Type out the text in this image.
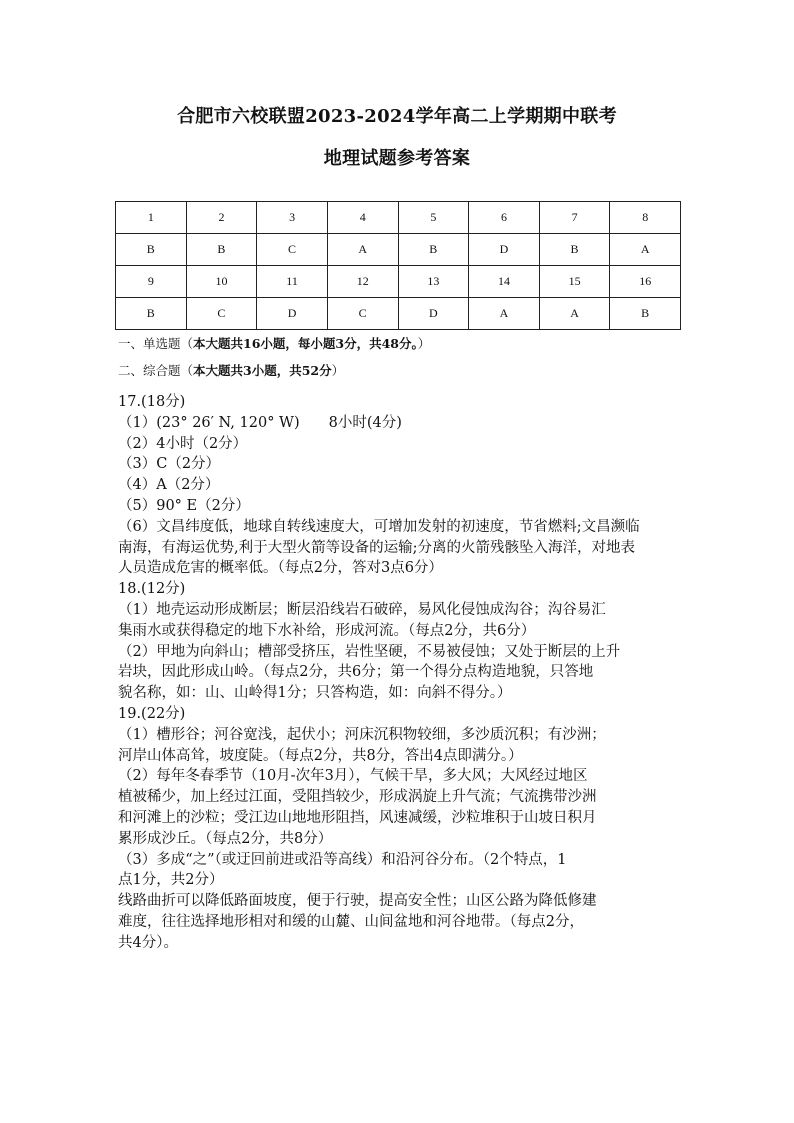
合肥市六校联盟2023-2024学年高二上学期期中联考
地理试题参考答案
1	2	3	4	5	6	7	8
B	B	C	A	B	D	B	A
9	10	11	12	13	14	15	16
B	C	D	C	D	A	A	B
一、单选题（本大题共16小题，每小题3分，共48分。）
二、综合题（本大题共3小题，共52分）
17.(18分)
（1）(23° 26′ N, 120° W)　　8小时(4分)
（2）4小时（2分）
（3）C（2分）
（4）A（2分）
（5）90° E（2分）
（6）文昌纬度低，地球自转线速度大，可增加发射的初速度，节省燃料;文昌濒临
南海，有海运优势,利于大型火箭等设备的运输;分离的火箭残骸坠入海洋，对地表
人员造成危害的概率低。（每点2分，答对3点6分）
18.(12分)
（1）地壳运动形成断层；断层沿线岩石破碎，易风化侵蚀成沟谷；沟谷易汇
集雨水或获得稳定的地下水补给，形成河流。（每点2分，共6分）
（2）甲地为向斜山；槽部受挤压，岩性坚硬，不易被侵蚀；又处于断层的上升
岩块，因此形成山岭。（每点2分，共6分；第一个得分点构造地貌，只答地
貌名称，如：山、山岭得1分；只答构造，如：向斜不得分。）
19.(22分)
（1）槽形谷；河谷宽浅，起伏小；河床沉积物较细，多沙质沉积；有沙洲；
河岸山体高耸，坡度陡。（每点2分，共8分，答出4点即满分。）
（2）每年冬春季节（10月-次年3月），气候干旱，多大风；大风经过地区
植被稀少，加上经过江面，受阻挡较少，形成涡旋上升气流；气流携带沙洲
和河滩上的沙粒；受江边山地地形阻挡，风速减缓，沙粒堆积于山坡日积月
累形成沙丘。（每点2分，共8分）
（3）多成“之”（或迂回前进或沿等高线）和沿河谷分布。（2个特点，1
点1分，共2分）
线路曲折可以降低路面坡度，便于行驶，提高安全性；山区公路为降低修建
难度，往往选择地形相对和缓的山麓、山间盆地和河谷地带。（每点2分，
共4分）。
